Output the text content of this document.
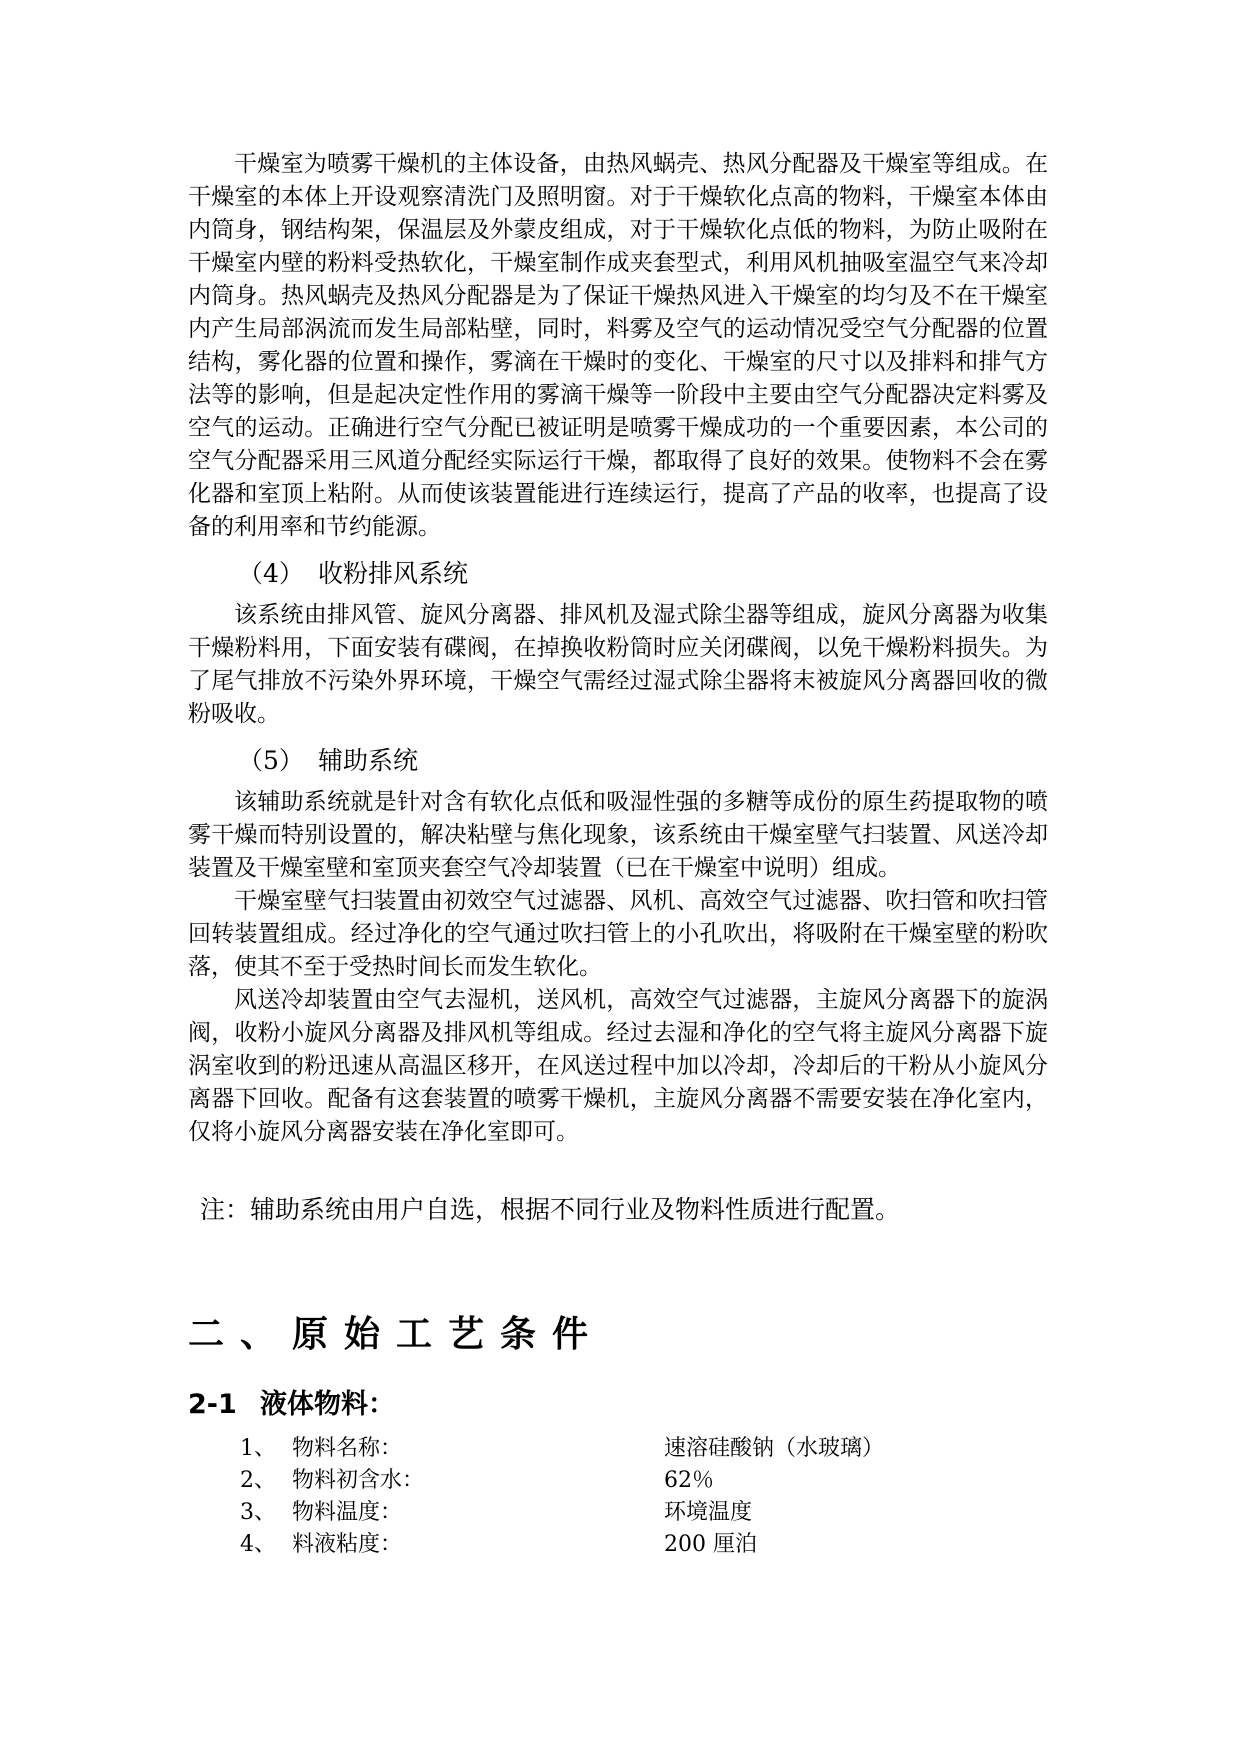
干燥室为喷雾干燥机的主体设备，由热风蜗壳、热风分配器及干燥室等组成。在干燥室的本体上开设观察清洗门及照明窗。对于干燥软化点高的物料，干燥室本体由内筒身，钢结构架，保温层及外蒙皮组成，对于干燥软化点低的物料，为防止吸附在干燥室内壁的粉料受热软化，干燥室制作成夹套型式，利用风机抽吸室温空气来冷却内筒身。热风蜗壳及热风分配器是为了保证干燥热风进入干燥室的均匀及不在干燥室内产生局部涡流而发生局部粘壁，同时，料雾及空气的运动情况受空气分配器的位置结构，雾化器的位置和操作，雾滴在干燥时的变化、干燥室的尺寸以及排料和排气方法等的影响，但是起决定性作用的雾滴干燥等一阶段中主要由空气分配器决定料雾及空气的运动。正确进行空气分配已被证明是喷雾干燥成功的一个重要因素，本公司的空气分配器采用三风道分配经实际运行干燥，都取得了良好的效果。使物料不会在雾化器和室顶上粘附。从而使该装置能进行连续运行，提高了产品的收率，也提高了设备的利用率和节约能源。

（4） 收粉排风系统

该系统由排风管、旋风分离器、排风机及湿式除尘器等组成，旋风分离器为收集干燥粉料用，下面安装有碟阀，在掉换收粉筒时应关闭碟阀，以免干燥粉料损失。为了尾气排放不污染外界环境，干燥空气需经过湿式除尘器将末被旋风分离器回收的微粉吸收。

（5） 辅助系统

该辅助系统就是针对含有软化点低和吸湿性强的多糖等成份的原生药提取物的喷雾干燥而特别设置的，解决粘壁与焦化现象，该系统由干燥室壁气扫装置、风送冷却装置及干燥室壁和室顶夹套空气冷却装置（已在干燥室中说明）组成。

干燥室壁气扫装置由初效空气过滤器、风机、高效空气过滤器、吹扫管和吹扫管回转装置组成。经过净化的空气通过吹扫管上的小孔吹出，将吸附在干燥室壁的粉吹落，使其不至于受热时间长而发生软化。

风送冷却装置由空气去湿机，送风机，高效空气过滤器，主旋风分离器下的旋涡阀，收粉小旋风分离器及排风机等组成。经过去湿和净化的空气将主旋风分离器下旋涡室收到的粉迅速从高温区移开，在风送过程中加以冷却，冷却后的干粉从小旋风分离器下回收。配备有这套装置的喷雾干燥机，主旋风分离器不需要安装在净化室内，仅将小旋风分离器安装在净化室即可。

注：辅助系统由用户自选，根据不同行业及物料性质进行配置。
二、原始工艺条件
2-1 液体物料：
1、 物料名称：	速溶硅酸钠（水玻璃）
2、 物料初含水：	62％
3、 物料温度：	环境温度
4、 料液粘度：	200 厘泊
